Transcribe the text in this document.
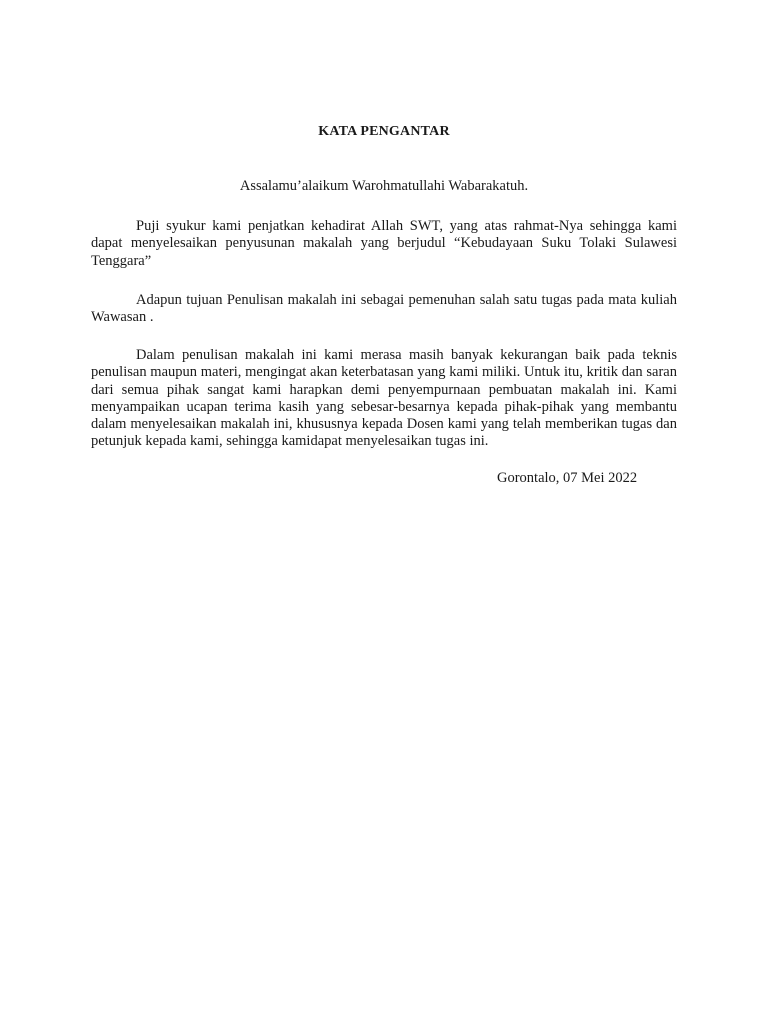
KATA PENGANTAR
Assalamu’alaikum Warohmatullahi Wabarakatuh.

Puji syukur kami penjatkan kehadirat Allah SWT, yang atas rahmat-Nya sehingga kami dapat menyelesaikan penyusunan makalah yang berjudul “Kebudayaan Suku Tolaki Sulawesi Tenggara”

Adapun tujuan Penulisan makalah ini sebagai pemenuhan salah satu tugas pada mata kuliah Wawasan .

Dalam penulisan makalah ini kami merasa masih banyak kekurangan baik pada teknis penulisan maupun materi, mengingat akan keterbatasan yang kami miliki. Untuk itu, kritik dan saran dari semua pihak sangat kami harapkan demi penyempurnaan pembuatan makalah ini. Kami menyampaikan ucapan terima kasih yang sebesar-besarnya kepada pihak-pihak yang membantu dalam menyelesaikan makalah ini, khususnya kepada Dosen kami yang telah memberikan tugas dan petunjuk kepada kami, sehingga kamidapat menyelesaikan tugas ini.

Gorontalo, 07 Mei 2022
